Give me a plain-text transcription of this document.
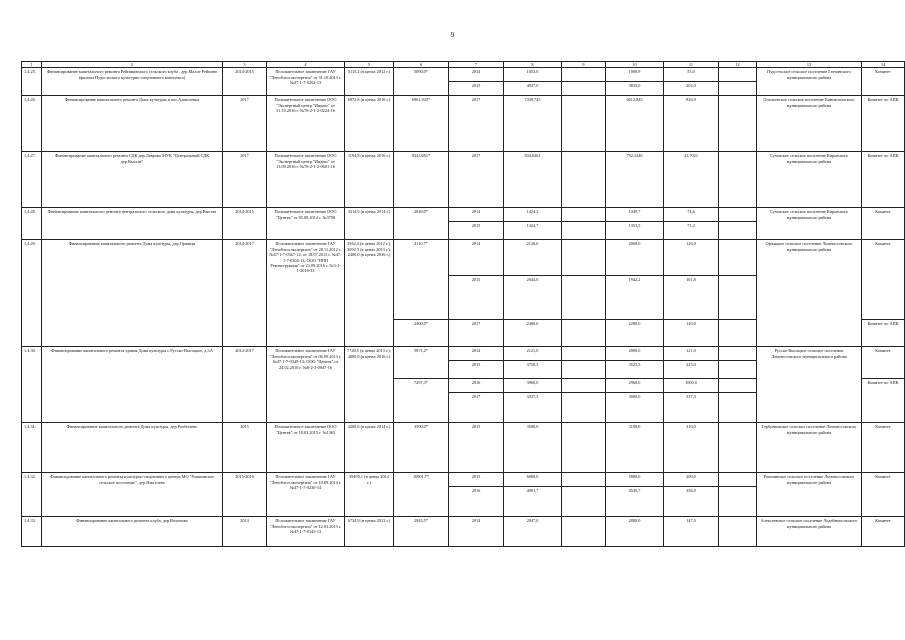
9
1	2	3	4	5	6	7	8	9	10	11	12	13	14
1.4.25.	Финансирование капитального ремонта Рейпиковского сельского клуба , дер.Малое Рейпино (филиал Пудостьского культурно-спортивного комплекса)	2014-2015	Положительное заключение ГАУ "Леноблгосэкспертиза" от 31.10.2013 г. №47-1-7-0262-13	5115,2 (в ценах 2012 г.)	5090,0*	2014	1053,0		1000,9	53,0		Пудостьское сельское поселение Гатчинского муниципального района	Комитет
						2015	4037,0		3835,0	202,0			
1.4.26.	Финансирование капитального ремонта Дома культуры в пос.Алексеевка	2017	Положительное заключение ООО "Экспертный центр "Индекс" от 31.10.2016 г. №78-2-1-2-0224-16	6972,8 (в ценах 2016 г.)	6961,943*	2017	7439,745		6612,845	826,9		Опольевское сельское поселение Кингисеппского муниципального района	Комитет по АПК
1.4.27.	Финансирование капитального ремонта СДК дер.Лаврово МУК "Центральный СДК дер.Выстав"	2017	Положительное заключение ООО "Экспертный центр "Индекс" от 13.09.2016 г. №78-2-1-2-0601-16	1194,8 (в ценах 2016 г.)	834,0261*	2017	834,0261		792,3240	41,7021		Суховское сельское поселение Кировского муниципального района	Комитет по АПК
1.4.28.	Финансирование капитального ремонта центрального сельского дома культуры, дер.Выстав	2014-2015	Положительное заключение ООО "Центек" от 05.08.2014 г. №3790	3314,6 (в ценах 2014 г.)	2849,0*	2014	1424,3		1349,7	74,6		Суховское сельское поселение Кировского муниципального района	Комитет
						2015	1424,7		1353,5	71,2			
1.4.29.	Финансирование капитального ремонта Дома культуры, дер.Оржицы	2014-2017	Положительное заключение ГАУ "Леноблгосэкспертиза" от 28.11.2012 г. №47-1-7-0367-12; от 18.07.2013 г. №47-1-7-0304-13, ООО "НПП Реконструкция" от 23.09.2016 г. №3-2-1-2016-33	3562,3 (в ценах 2012 г.); 3092,3 (в ценах 2013 г.); 2400,0 (в ценах 2016 г.)	4110,7*	2014	2126,0		2000,0	126,0		Оржицкое сельское поселение Ломоносовского муниципального района	Комитет
						2015	2044,0		1942,2	101,8			
					2400,0*	2017	2400,0		2280,0	120,0			Комитет по АПК
1.4.30.	Финансирование капитального ремонта здания Дома культуры с.Русско-Высоцкое, д.3А	2014-2017	Положительное заключение ГАУ "Леноблгосэкспертиза" от 06.09.2013 г. №47-1-7-0349-13; ООО "Центек" от 24.02.2016 г. №6-2-1-0047-16	7740,5 (в ценах 2013 г.); 4000,0 (в ценах 2016 г.)	5871,2*	2014	2121,0		2000,0	121,0		Русско-Высоцкое сельское поселение Ломоносовского муниципального района	Комитет
						2015	3750,3		3525,3	225,0			
					7297,3*	2016	3960,0		2960,0	1000,0			Комитет по АПК
						2017	3337,3		3000,0	337,3			
1.4.31.	Финансирование капитального ремонта Дома культуры, дер.Разбегаево	2015	Положительное заключение ООО "Центек" от 18.03.2015 г. №1365	4200,6 (в ценах 2014 г.)	3500,0*	2015	3500,0		3190,0	310,0		Горбунковское сельское поселение Ломоносовского муниципального района	Комитет
1.4.32.	Финансирование капитального ремонта культурно-спортивного центра МО "Ропшинское сельское поселение", дер.Яльгелево	2015-2016	Положительное заключение ГАУ "Леноблгосэкспертиза" от 10.09.2014 г. №47-1-7-0230-14	39495,1 (в ценах 2014 г.)	10901,7*	2015	6000,0		5800,0	200,0		Ропшинское сельское поселение Ломоносовского муниципального района	Комитет
						2016	4901,7		4545,7	356,0			
1.4.33.	Финансирование капитального ремонта клуба, дер.Вохоново	2014	Положительное заключение ГАУ "Леноблгосэкспертиза" от 12.03.2013 г. №47-1-7-0145-13	6734,9 (в ценах 2012 г.)	2943,5*	2014	2947,0		2800,0	147,0		Алексеевское сельское поселение Лодейнопольского муниципального района	Комитет
